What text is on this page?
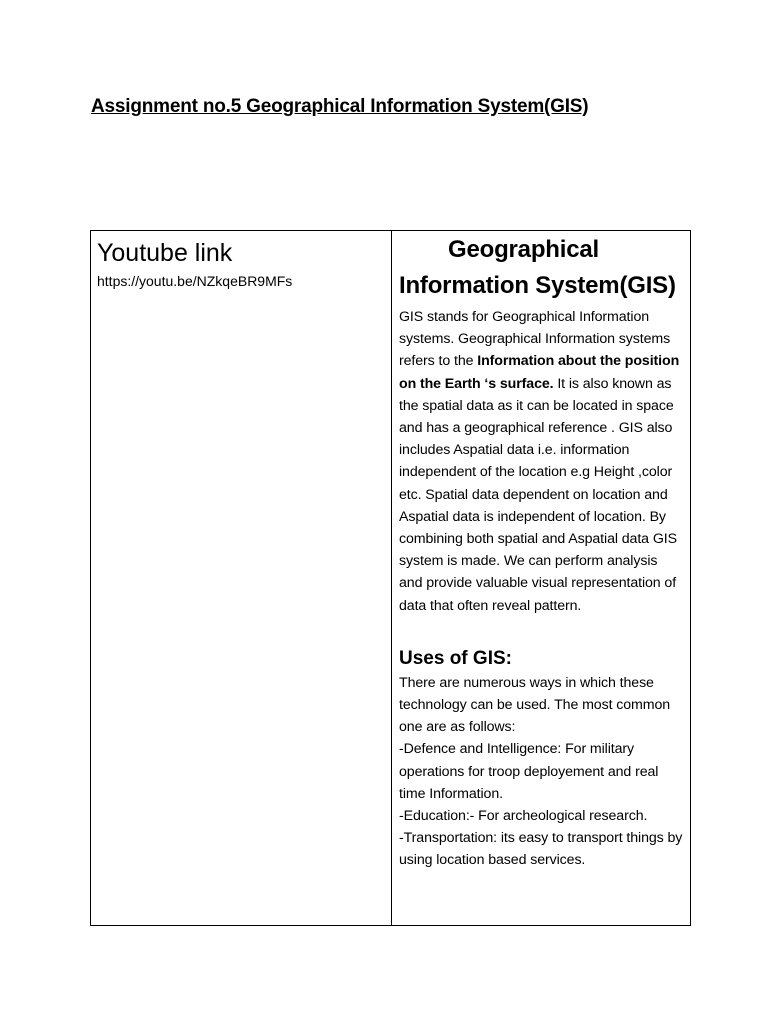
Assignment no.5 Geographical Information System(GIS)
Youtube link
https://youtu.be/NZkqeBR9MFs
Geographical
Information System(GIS)
GIS stands for Geographical Information systems. Geographical Information systems refers to the Information about the position on the Earth ‘s surface. It is also known as the spatial data as it can be located in space and has a geographical reference . GIS also includes Aspatial data i.e. information independent of the location e.g Height ,color etc. Spatial data dependent on location and Aspatial data is independent of location. By combining both spatial and Aspatial data GIS system is made. We can perform analysis and provide valuable visual representation of data that often reveal pattern.
Uses of GIS:
There are numerous ways in which these technology can be used. The most common one are as follows:
-Defence and Intelligence: For military operations for troop deployement and real time Information.
-Education:- For archeological research.
-Transportation: its easy to transport things by using location based services.
